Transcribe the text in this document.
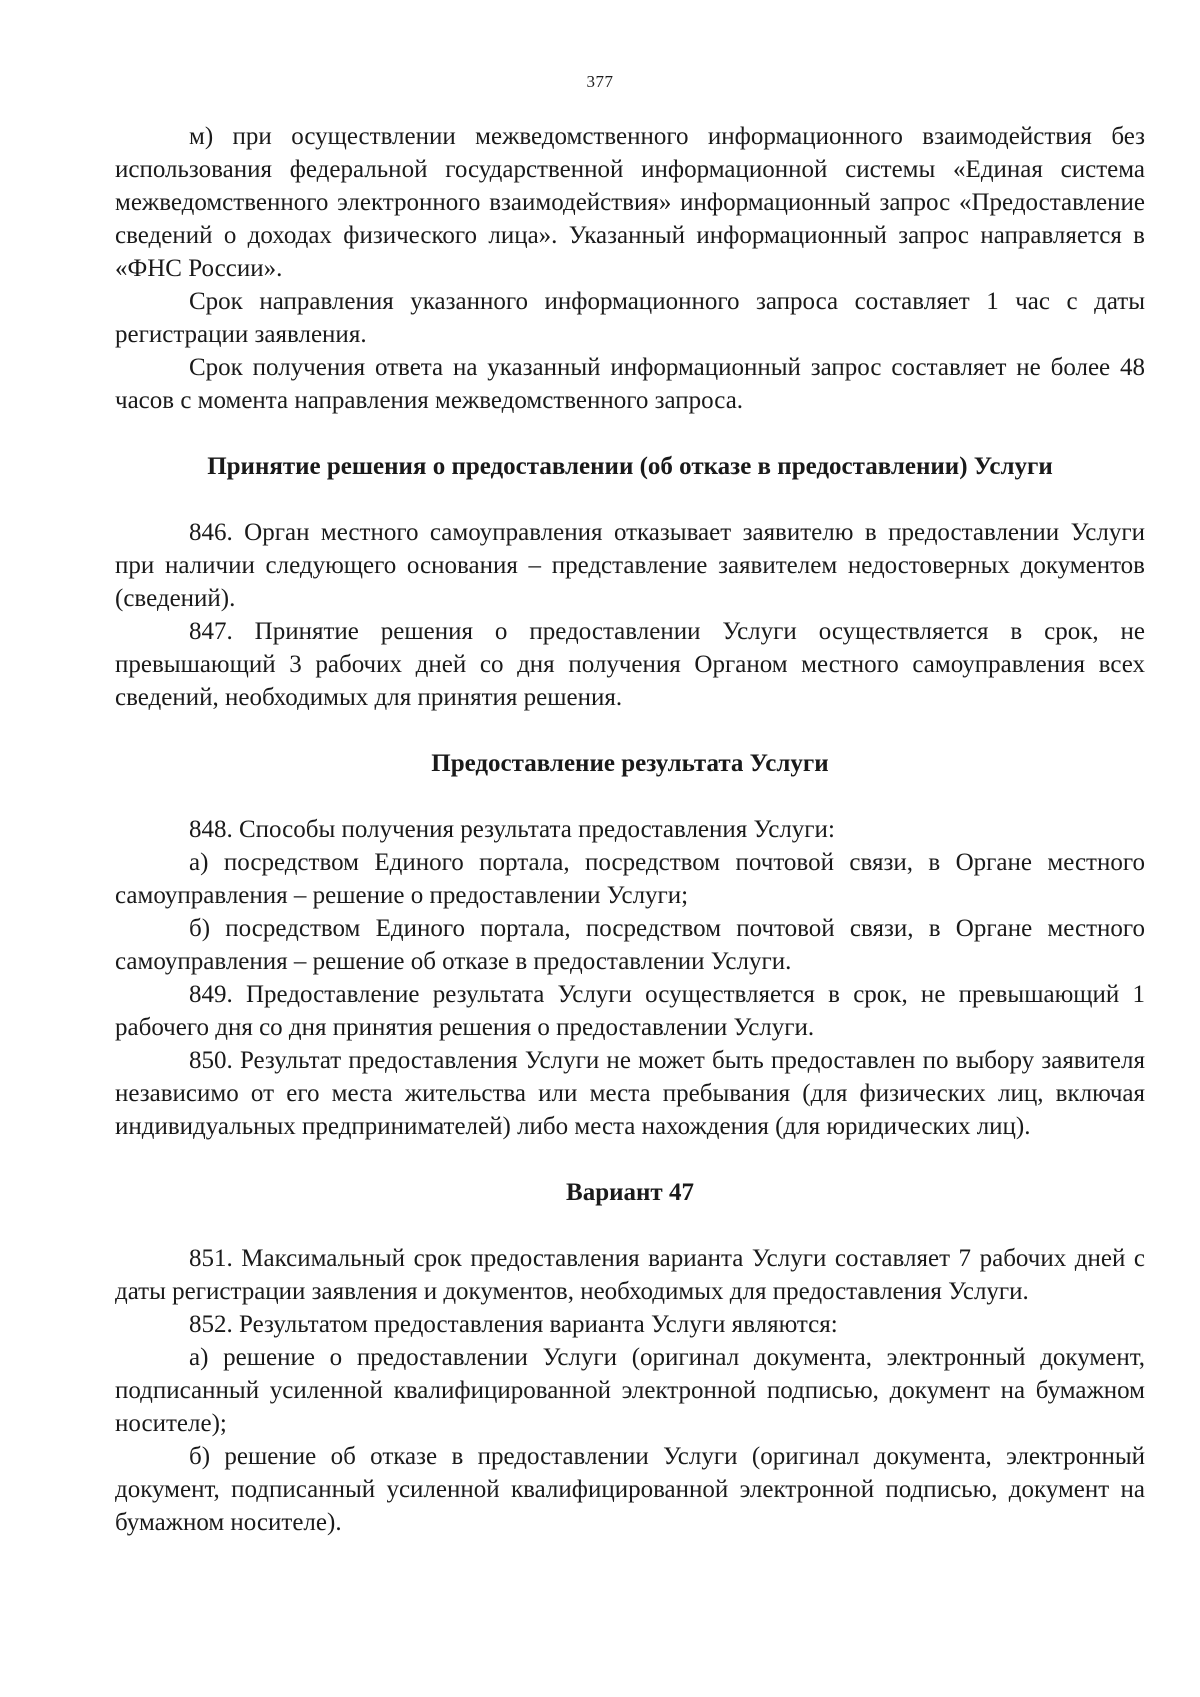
377

м) при осуществлении межведомственного информационного взаимодействия без использования федеральной государственной информационной системы «Единая система межведомственного электронного взаимодействия» информационный запрос «Предоставление сведений о доходах физического лица». Указанный информационный запрос направляется в «ФНС России».

Срок направления указанного информационного запроса составляет 1 час с даты регистрации заявления.

Срок получения ответа на указанный информационный запрос составляет не более 48 часов с момента направления межведомственного запроса.

Принятие решения о предоставлении (об отказе в предоставлении) Услуги

846. Орган местного самоуправления отказывает заявителю в предоставлении Услуги при наличии следующего основания – представление заявителем недостоверных документов (сведений).

847. Принятие решения о предоставлении Услуги осуществляется в срок, не превышающий 3 рабочих дней со дня получения Органом местного самоуправления всех сведений, необходимых для принятия решения.

Предоставление результата Услуги

848. Способы получения результата предоставления Услуги:

а) посредством Единого портала, посредством почтовой связи, в Органе местного самоуправления – решение о предоставлении Услуги;

б) посредством Единого портала, посредством почтовой связи, в Органе местного самоуправления – решение об отказе в предоставлении Услуги.

849. Предоставление результата Услуги осуществляется в срок, не превышающий 1 рабочего дня со дня принятия решения о предоставлении Услуги.

850. Результат предоставления Услуги не может быть предоставлен по выбору заявителя независимо от его места жительства или места пребывания (для физических лиц, включая индивидуальных предпринимателей) либо места нахождения (для юридических лиц).

Вариант 47

851. Максимальный срок предоставления варианта Услуги составляет 7 рабочих дней с даты регистрации заявления и документов, необходимых для предоставления Услуги.

852. Результатом предоставления варианта Услуги являются:

а) решение о предоставлении Услуги (оригинал документа, электронный документ, подписанный усиленной квалифицированной электронной подписью, документ на бумажном носителе);

б) решение об отказе в предоставлении Услуги (оригинал документа, электронный документ, подписанный усиленной квалифицированной электронной подписью, документ на бумажном носителе).
